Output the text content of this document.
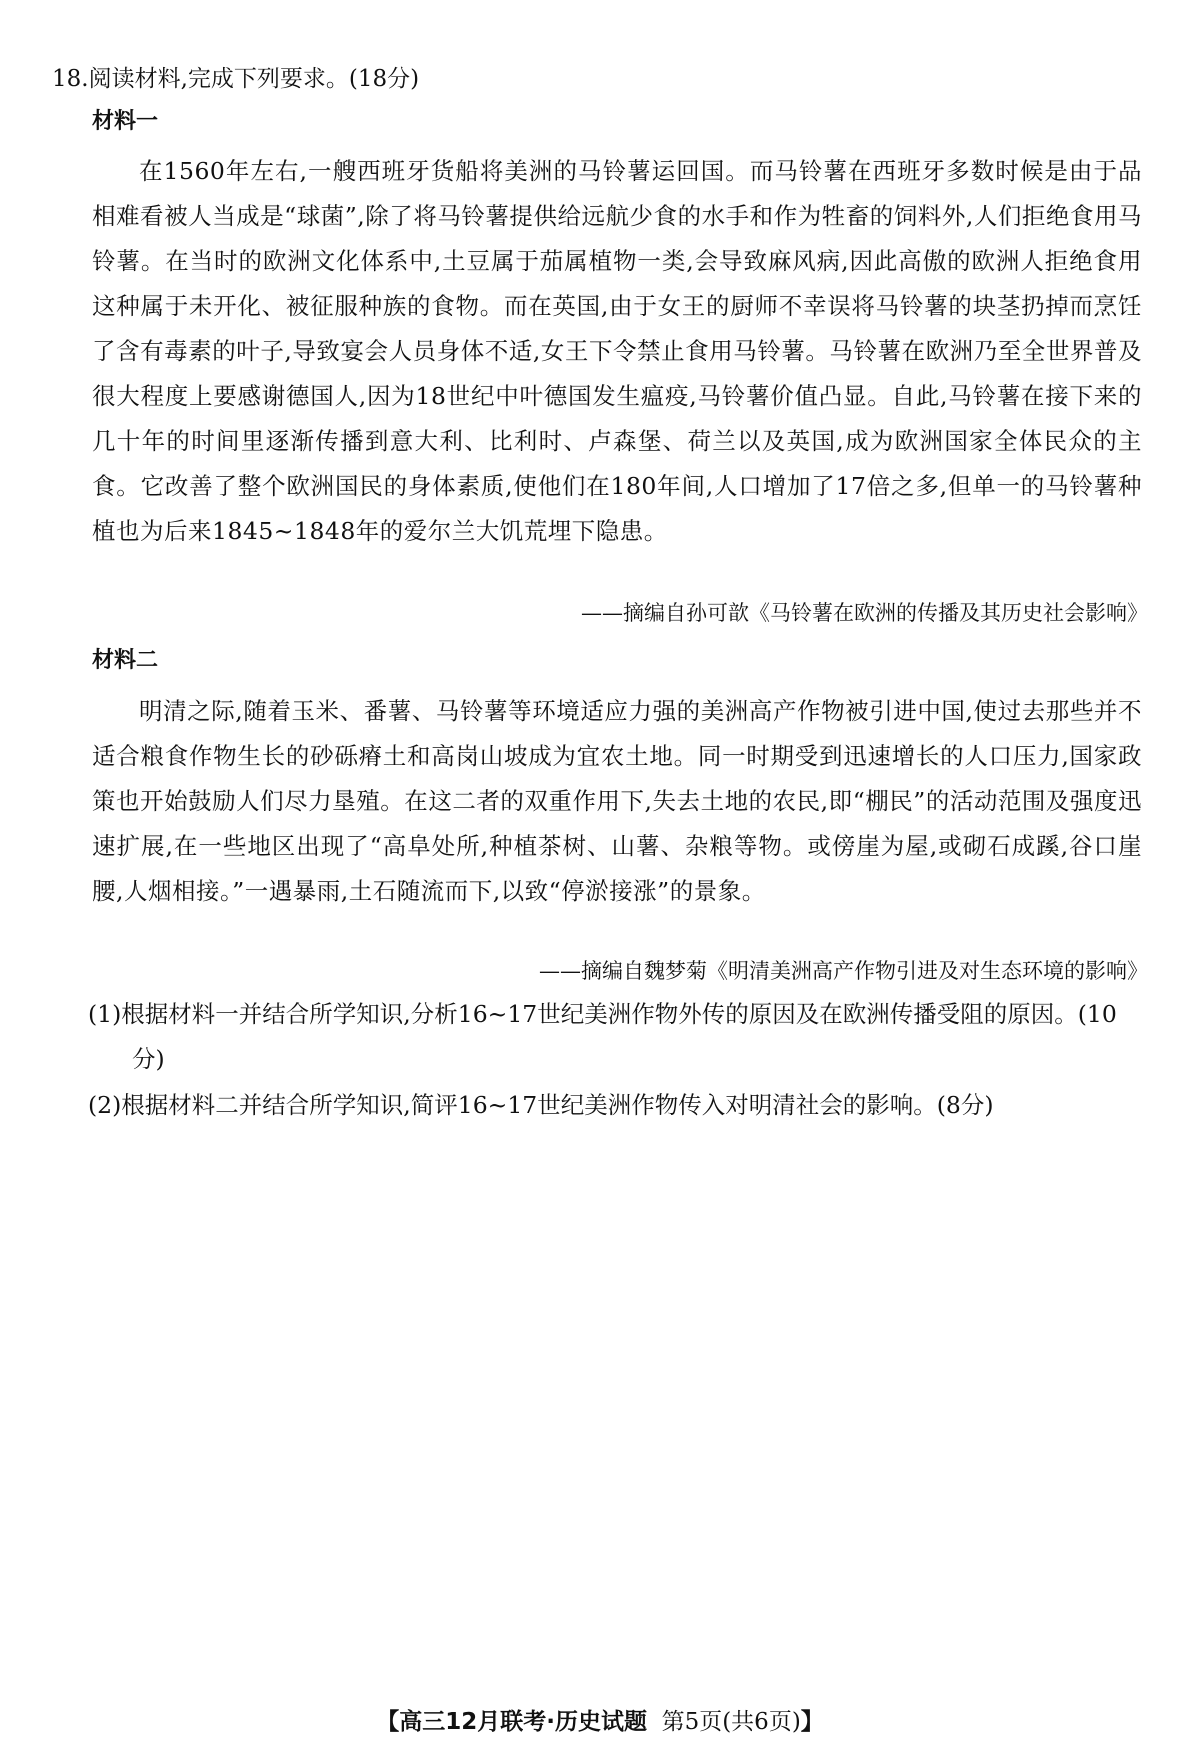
18.阅读材料,完成下列要求。(18分)
材料一

在1560年左右,一艘西班牙货船将美洲的马铃薯运回国。而马铃薯在西班牙多数时候是由于品相难看被人当成是“球菌”,除了将马铃薯提供给远航少食的水手和作为牲畜的饲料外,人们拒绝食用马铃薯。在当时的欧洲文化体系中,土豆属于茄属植物一类,会导致麻风病,因此高傲的欧洲人拒绝食用这种属于未开化、被征服种族的食物。而在英国,由于女王的厨师不幸误将马铃薯的块茎扔掉而烹饪了含有毒素的叶子,导致宴会人员身体不适,女王下令禁止食用马铃薯。马铃薯在欧洲乃至全世界普及很大程度上要感谢德国人,因为18世纪中叶德国发生瘟疫,马铃薯价值凸显。自此,马铃薯在接下来的几十年的时间里逐渐传播到意大利、比利时、卢森堡、荷兰以及英国,成为欧洲国家全体民众的主食。它改善了整个欧洲国民的身体素质,使他们在180年间,人口增加了17倍之多,但单一的马铃薯种植也为后来1845~1848年的爱尔兰大饥荒埋下隐患。

——摘编自孙可歆《马铃薯在欧洲的传播及其历史社会影响》
材料二

明清之际,随着玉米、番薯、马铃薯等环境适应力强的美洲高产作物被引进中国,使过去那些并不适合粮食作物生长的砂砾瘠土和高岗山坡成为宜农土地。同一时期受到迅速增长的人口压力,国家政策也开始鼓励人们尽力垦殖。在这二者的双重作用下,失去土地的农民,即“棚民”的活动范围及强度迅速扩展,在一些地区出现了“高阜处所,种植茶树、山薯、杂粮等物。或傍崖为屋,或砌石成蹊,谷口崖腰,人烟相接。”一遇暴雨,土石随流而下,以致“停淤接涨”的景象。

——摘编自魏梦菊《明清美洲高产作物引进及对生态环境的影响》

(1)根据材料一并结合所学知识,分析16~17世纪美洲作物外传的原因及在欧洲传播受阻的原因。(10分)

(2)根据材料二并结合所学知识,简评16~17世纪美洲作物传入对明清社会的影响。(8分)

【高三12月联考·历史试题 第5页(共6页)】
